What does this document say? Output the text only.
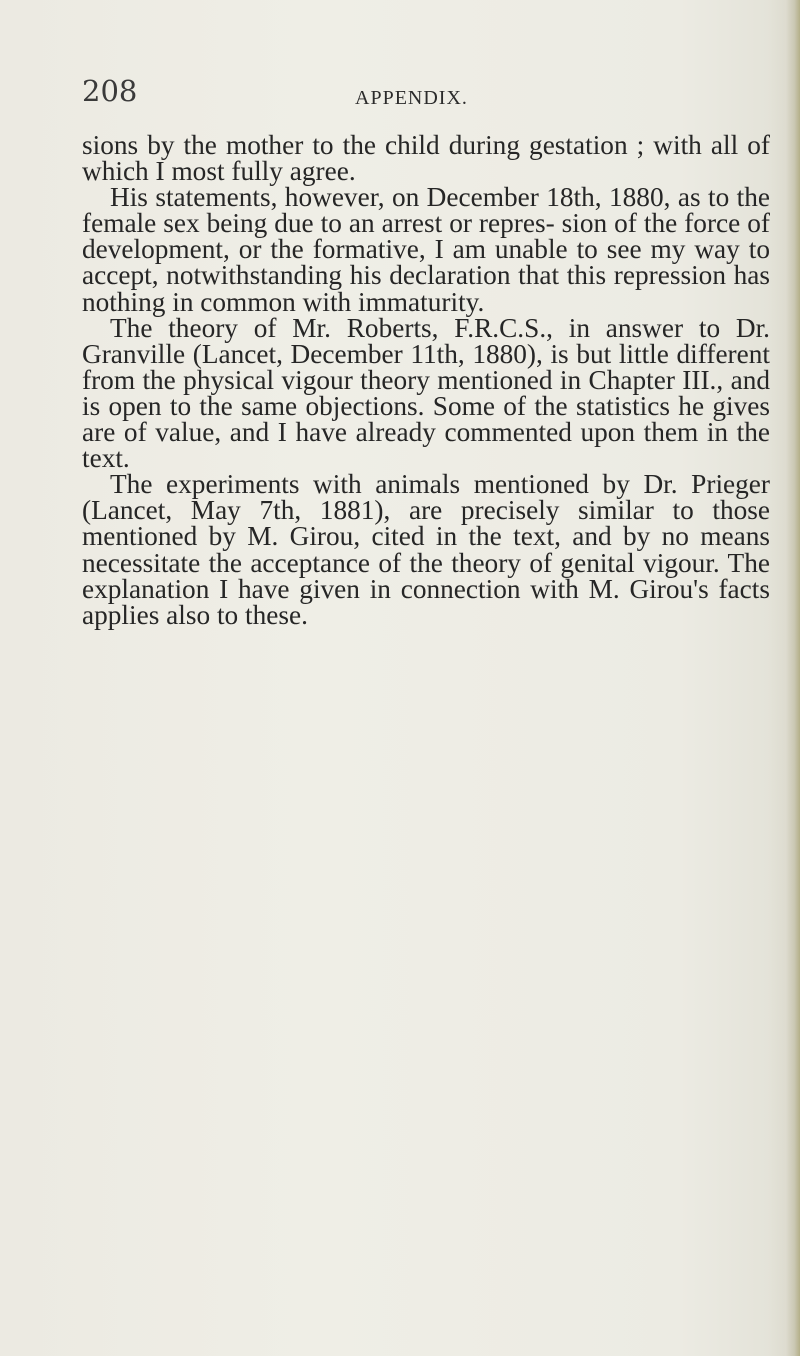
208	APPENDIX.

sions by the mother to the child during gestation ; with all of which I most fully agree.

His statements, however, on December 18th, 1880, as to the female sex being due to an arrest or repres- sion of the force of development, or the formative, I am unable to see my way to accept, notwithstanding his declaration that this repression has nothing in common with immaturity.

The theory of Mr. Roberts, F.R.C.S., in answer to Dr. Granville (Lancet, December 11th, 1880), is but little different from the physical vigour theory mentioned in Chapter III., and is open to the same objections. Some of the statistics he gives are of value, and I have already commented upon them in the text.

The experiments with animals mentioned by Dr. Prieger (Lancet, May 7th, 1881), are precisely similar to those mentioned by M. Girou, cited in the text, and by no means necessitate the acceptance of the theory of genital vigour. The explanation I have given in connection with M. Girou's facts applies also to these.
